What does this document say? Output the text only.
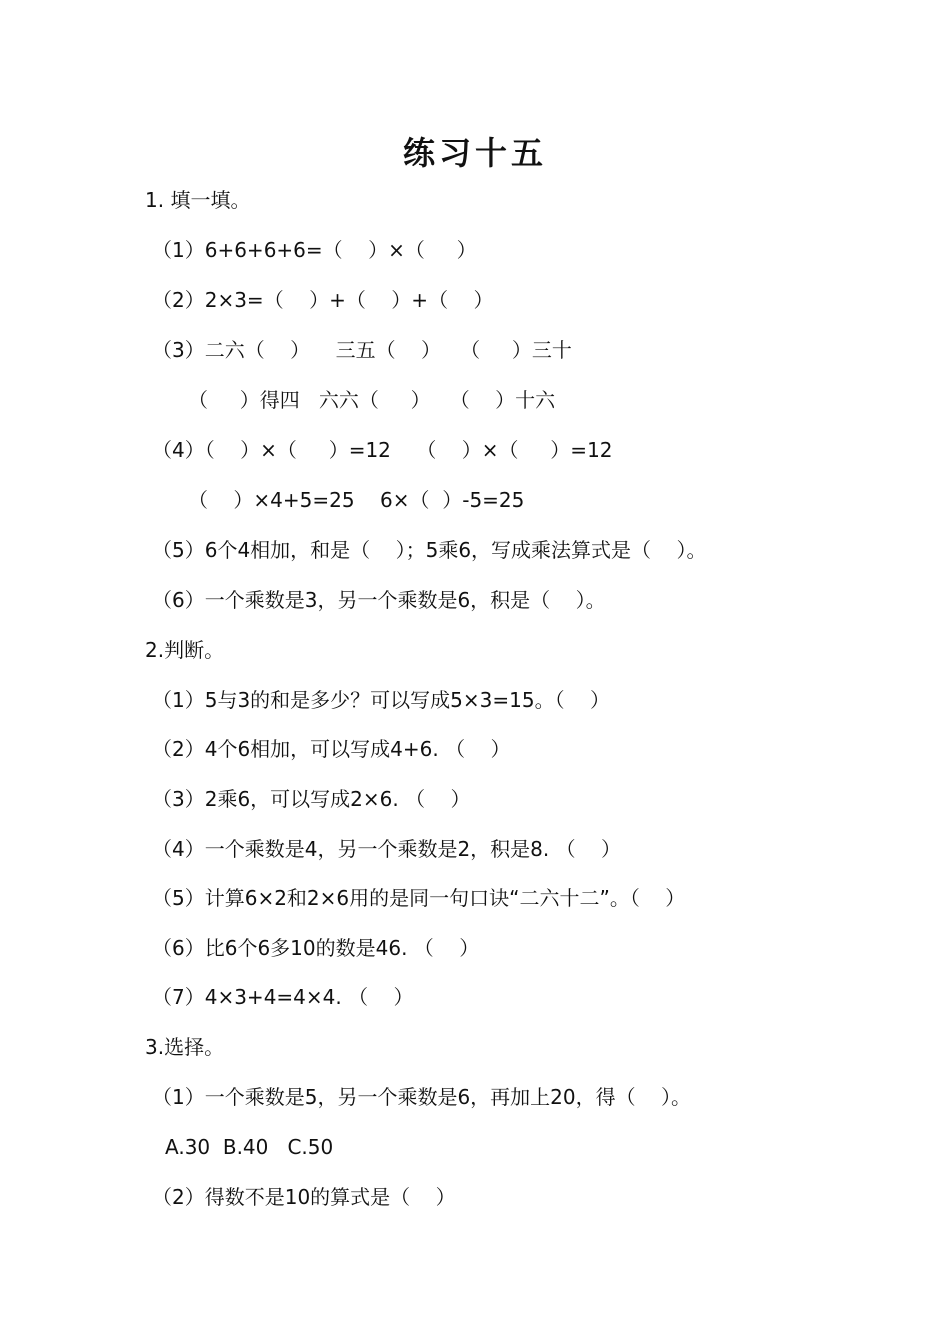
练习十五
1. 填一填。
（1）6+6+6+6=（    ）×（     ）
（2）2×3=（    ）+（    ）+（    ）
（3）二六（    ）    三五（    ）   （     ）三十
（     ）得四   六六（     ）   （    ）十六
（4）（    ）×（     ）=12    （    ）×（     ）=12
（    ）×4+5=25    6×（  ）-5=25
（5）6个4相加，和是（    ）；5乘6，写成乘法算式是（    ）。
（6）一个乘数是3，另一个乘数是6，积是（    ）。
2.判断。
（1）5与3的和是多少？可以写成5×3=15。（    ）
（2）4个6相加，可以写成4+6. （    ）
（3）2乘6，可以写成2×6. （    ）
（4）一个乘数是4，另一个乘数是2，积是8. （    ）
（5）计算6×2和2×6用的是同一句口诀“二六十二”。（    ）
（6）比6个6多10的数是46. （    ）
（7）4×3+4=4×4. （    ）
3.选择。
（1）一个乘数是5，另一个乘数是6，再加上20，得（    ）。
A.30  B.40   C.50
（2）得数不是10的算式是（    ）
